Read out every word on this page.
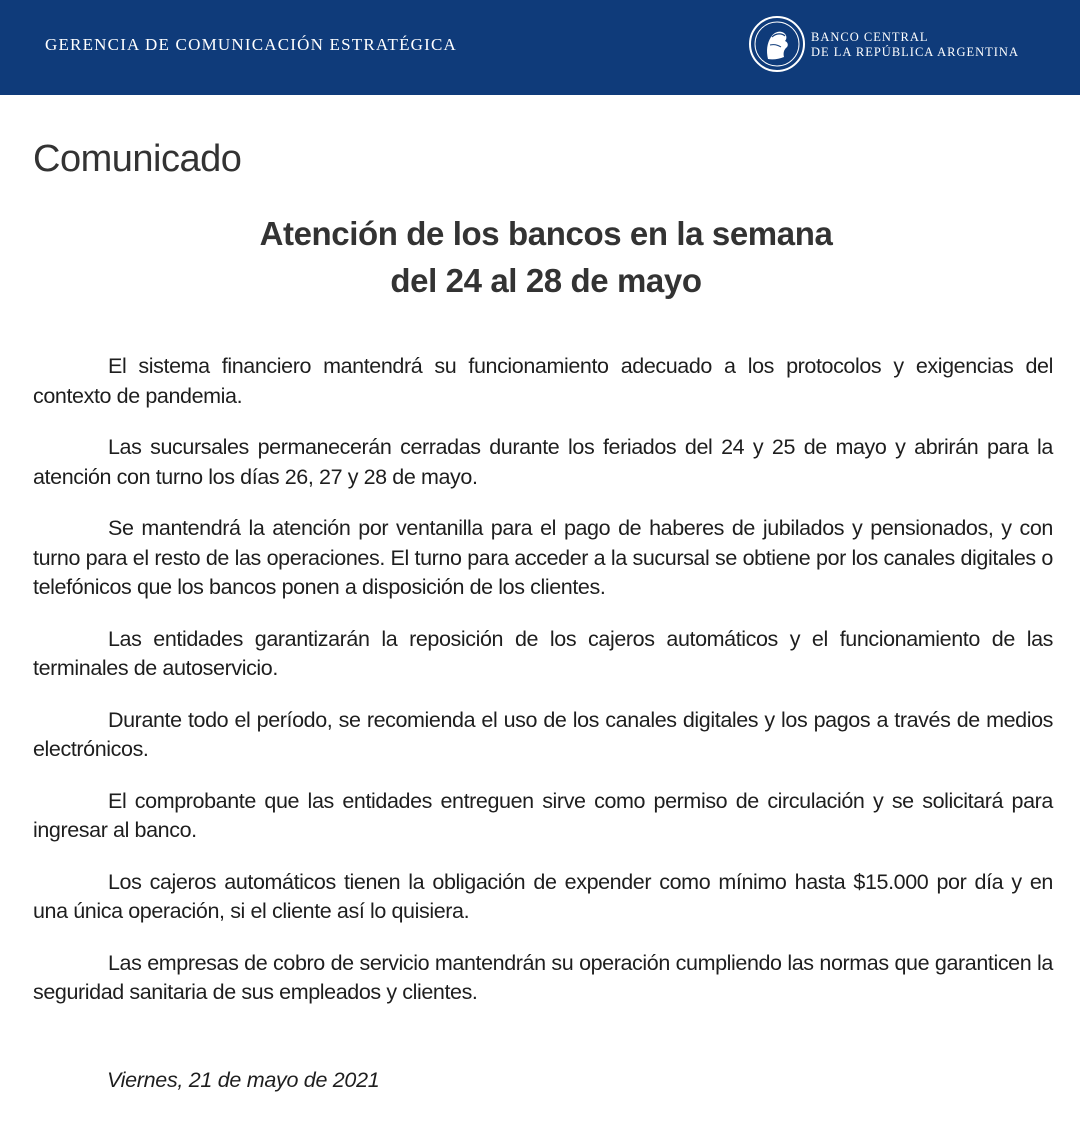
GERENCIA DE COMUNICACIÓN ESTRATÉGICA	BANCO CENTRAL
DE LA REPÚBLICA ARGENTINA
Comunicado
Atención de los bancos en la semana
del 24 al 28 de mayo

El sistema financiero mantendrá su funcionamiento adecuado a los protocolos y exigencias del contexto de pandemia.

Las sucursales permanecerán cerradas durante los feriados del 24 y 25 de mayo y abrirán para la atención con turno los días 26, 27 y 28 de mayo.

Se mantendrá la atención por ventanilla para el pago de haberes de jubilados y pensionados, y con turno para el resto de las operaciones. El turno para acceder a la sucursal se obtiene por los canales digitales o telefónicos que los bancos ponen a disposición de los clientes.

Las entidades garantizarán la reposición de los cajeros automáticos y el funcionamiento de las terminales de autoservicio.

Durante todo el período, se recomienda el uso de los canales digitales y los pagos a través de medios electrónicos.

El comprobante que las entidades entreguen sirve como permiso de circulación y se solicitará para ingresar al banco.

Los cajeros automáticos tienen la obligación de expender como mínimo hasta $15.000 por día y en una única operación, si el cliente así lo quisiera.

Las empresas de cobro de servicio mantendrán su operación cumpliendo las normas que garanticen la seguridad sanitaria de sus empleados y clientes.

Viernes, 21 de mayo de 2021
